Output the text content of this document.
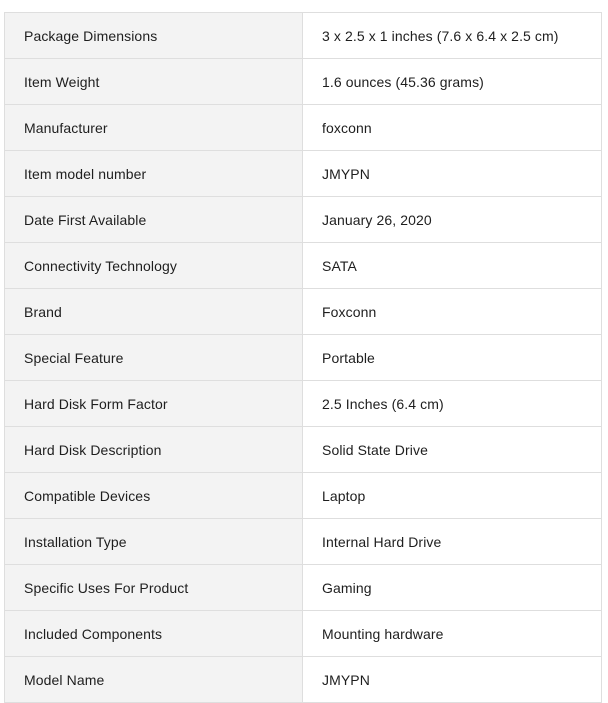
Package Dimensions	3 x 2.5 x 1 inches (7.6 x 6.4 x 2.5 cm)
Item Weight	1.6 ounces (45.36 grams)
Manufacturer	foxconn
Item model number	JMYPN
Date First Available	January 26, 2020
Connectivity Technology	SATA
Brand	Foxconn
Special Feature	Portable
Hard Disk Form Factor	2.5 Inches (6.4 cm)
Hard Disk Description	Solid State Drive
Compatible Devices	Laptop
Installation Type	Internal Hard Drive
Specific Uses For Product	Gaming
Included Components	Mounting hardware
Model Name	JMYPN
